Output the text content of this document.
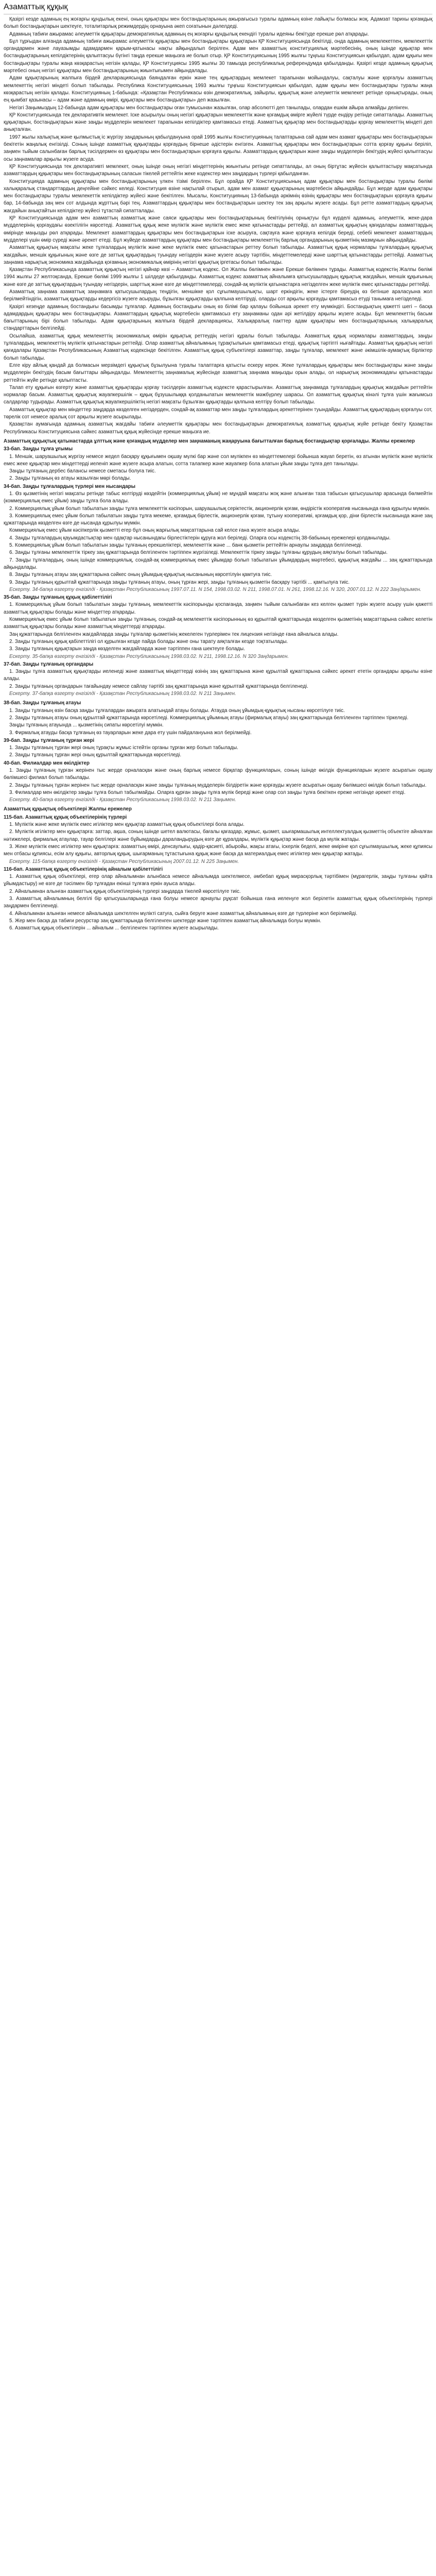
Азаматтық құқық

Қазіргі кезде адамның ең жоғарғы құндылық екені, оның құқықтары мен бостандықтарының ажырағысыз туралы адамның өзіне лайықты болмасы жоқ. Адамзат тарихы қоғамдық болып бостандықтарын шектеуге, тоталитарлық режимдердің орнауына әкеп соғатынын дәлелдеді.

Адамның табиғи ажырамас әлеуметтік құқықтары демократиялық адамның ең жоғарғы құндылық екендігі туралы идеяны бекітуде ерекше рөл атқарады.

Бұл тұрғыдан алғанда адамның табиғи ажырамас әлеуметтік құқықтары мен бостандықтары құқықтарын ҚР Конституциясында бекітілді, онда адамның мемлекетпен, мемлекеттік органдармен және лауазымды адамдармен қарым-қатынасы нақты айқындалып берілген. Адам мен азаматтың конституциялық мәртебесінің, оның ішінде құқықтар мен бостандықтарының кепілдіктерінің қалыптасуы бүгінгі таңда ерекше маңызға ие болып отыр. ҚР Конституциясының 1995 жылғы тұңғыш Конституциясын қабылдап, адам құқығы мен бостандықтары туралы жаңа көзқарастың негізін қалады, ҚР Конституциясы 1995 жылғы 30 тамызда республикалық референдумда қабылданды. Қазіргі кезде адамның құқықтық мәртебесі оның негізгі құқықтары мен бостандықтарының жиынтығымен айқындалады.

Адам құқықтарының жалпыға бірдей декларациясында баяндалған еркін және тең құқықтардың мемлекет тарапынан мойындалуы, сақталуы және қорғалуы азаматтың мемлекеттің негізгі міндеті болып табылады. Республика Конституциясының 1993 жылғы тұңғыш Конституциясын қабылдап, адам құқығы мен бостандықтары туралы жаңа көзқарастың негізін қалады. Конституцияның 1-бабында: «Қазақстан Республикасы өзін демократиялық, зайырлы, құқықтық және әлеуметтік мемлекет ретінде орнықтырады, оның ең қымбат қазынасы – адам және адамның өмірі, құқықтары мен бостандықтары» деп жазылған.

Негізгі Заңымыздың 12-бабында адам құқықтары мен бостандықтары оған тумысынан жазылған, олар абсолютті деп танылады, олардан ешкім айыра алмайды делінген.

ҚР Конституциясында тек декларативтік мемлекет. Іске асырылуы оның негізгі құқықтарын мемлекеттік және қоғамдық өмірге жүйелі түрде ендіру ретінде сипатталады. Азаматтың құқықтарын, бостандықтарын және заңды мүдделерін мемлекет тарапынан кепілдіктер қамтамасыз етеді. Азаматтық құқықтар мен бостандықтарды қорғау мемлекеттің міндеті деп анықталған.

1997 жылы халықтық және қылмыстық іс жүргізу заңдарының қабылдануына орай 1995 жылғы Конституцияның талаптарына сай адам мен азамат құқықтары мен бостандықтарын бекітетін жаңалық енгізілді. Соның ішінде азаматтық құқықтарды қорғаудың бірнеше әдістерін енгізген. Азаматтық құқықтары мен бостандықтарын сотта қорғау құқығы беріліп, заңмен тыйым салынбаған барлық тәсілдермен өз құқықтары мен бостандықтарын қорғауға құқылы. Азаматтардың құқықтарын және заңды мүдделерін бекітудің жүйесі қалыптасуы осы заңнамалар арқылы жүзеге асуда.

ҚР Конституциясында тек декларативті мемлекет, оның ішінде оның негізгі міндеттерінің жиынтығы ретінде сипатталады, ал оның біртұтас жүйесін қалыптастыру мақсатында азаматтардың құқықтары мен бостандықтарының саласын тікелей реттейтін жеке кодекстер мен заңдардың түрлері қабылданған.

Конституцияда адамның құқықтары мен бостандықтарының үлкен тізімі берілген. Бұл орайда ҚР Конституциясының адам құқықтары мен бостандықтары туралы бөлімі халықаралық стандарттардың деңгейіне сәйкес келеді. Конституция өзіне нақтылай отырып, адам мен азамат құқықтарының мәртебесін айқындайды. Бұл жерде адам құқықтары мен бостандықтары туралы мемлекеттік кепілдіктер жүйесі және бекітілген. Мысалы, Конституцияның 13-бабында әркімнің өзінің құқықтары мен бостандықтарын қорғауға құқығы бар, 14-бабында заң мен сот алдында жұрттың бәрі тең. Азаматтардың құқықтары мен бостандықтарын шектеу тек заң арқылы жүзеге асады. Бұл ретте азаматтардың құқықтық жағдайын анықтайтын кепілдіктер жүйесі тұтастай сипатталады.

ҚР Конституциясында адам мен азаматтың азаматтық және саяси құқықтары мен бостандықтарының бекітілуінің орнықтуы бұл күрделі адамның, әлеуметтік, жеке-дара мүдделерінің қорғаудағы өзектілігін көрсетеді. Азаматтық құқық жеке мүліктік және мүліктік емес жеке қатынастарды реттейді, ал азаматтық құқықтың қағидалары азаматтардың өмірінде маңызды рөл атқарады. Мемлекет азаматтардың құқықтары мен бостандықтарын іске асыруға, сақтауға және қорғауға кепілдік береді, себебі мемлекет азаматтардың мүдделері үшін өмір сүреді және әрекет етеді. Бұл жүйеде азаматтардың құқықтары мен бостандықтары мемлекеттің барлық органдарының қызметінің мазмұнын айқындайды.

Азаматтық құқықтың мақсаты жеке тұлғалардың мүліктік және жеке мүліктік емес қатынастарын реттеу болып табылады. Азаматтық құқық нормалары тұлғалардың құқықтық жағдайын, меншік құқығының және өзге де заттық құқықтардың туындау негіздерін және жүзеге асыру тәртібін, міндеттемелерді және шарттық қатынастарды реттейді. Азаматтық заңнама нарықтық экономика жағдайында қоғамның экономикалық өмірінің негізгі құқықтық іргетасы болып табылады.

Қазақстан Республикасында азаматтық құқықтың негізгі қайнар көзі – Азаматтық кодекс. Ол Жалпы бөлімнен және Ерекше бөлімнен тұрады. Азаматтық кодекстің Жалпы бөлімі 1994 жылғы 27 желтоқсанда, Ерекше бөлімі 1999 жылғы 1 шілдеде қабылданды. Азаматтық кодекс азаматтық айналымға қатысушылардың құқықтық жағдайын, меншік құқығының және өзге де заттық құқықтардың туындау негіздерін, шарттық және өзге де міндеттемелерді, сондай-ақ мүліктік қатынастарға негізделген жеке мүліктік емес қатынастарды реттейді.

Азаматтық заңнама азаматтық заңнамаға қатысушылардың теңдігін, меншікке қол сұғылмаушылықты, шарт еркіндігін, жеке істерге біреудің өз бетінше араласуына жол берілмейтіндігін, азаматтық құқықтарды кедергісіз жүзеге асыруды, бұзылған құқықтарды қалпына келтіруді, оларды сот арқылы қорғауды қамтамасыз етуді танымаға негізделеді.

Қазіргі кезеңде адамның бостандығы басымды тұлғалар. Адамның бостандығы оның өз білімі бар қалауы бойынша әрекет ету мүмкіндігі. Бостандықтың қажетті шегі – басқа адамдардың құқықтары мен бостандықтары. Азаматтардың құқықтық мәртебесін қамтамасыз ету заңнаманы одан әрі жетілдіру арқылы жүзеге асады. Бұл мемлекеттің басым бағыттарының бірі болып табылады. Адам құқықтарының жалпыға бірдей декларациясы, Халықаралық пакттер адам құқықтары мен бостандықтарының халықаралық стандарттарын белгілейді.

Осылайша, азаматтық құқық мемлекеттің экономикалық өмірін құқықтық реттеудің негізгі құралы болып табылады. Азаматтық құқық нормалары азаматтардың, заңды тұлғалардың, мемлекеттің мүліктік қатынастарын реттейді. Олар азаматтық айналымның тұрақтылығын қамтамасыз етеді, құқықтық тәртіпті нығайтады. Азаматтық құқықтың негізгі қағидалары Қазақстан Республикасының Азаматтық кодексінде бекітілген. Азаматтық құқық субъектілері азаматтар, заңды тұлғалар, мемлекет және әкімшілік-аумақтық бірліктер болып табылады.

Елге кіру айлық қандай да болмасын мерзімдегі құқықтық бұзылуына туралы талаптарға қатысты ескеру керек. Жеке тұлғалардың құқықтары мен бостандықтары және заңды мүдделерін бекітудің басым бағыттары айқындалды. Мемлекеттің заңнамалық жүйесінде азаматтық заңнама маңызды орын алады, ол нарықтық экономикадағы қатынастарды реттейтін жүйе ретінде қалыптасты.

Талап ету құқығын өзгерту және азаматтық құқықтарды қорғау тәсілдерін азаматтық кодексте қарастырылған. Азаматтық заңнамада тұлғалардың құқықтық жағдайын реттейтін нормалар басым. Азаматтық құқықтық жауапкершілік – құқық бұзушылыққа қолданылатын мемлекеттік мәжбүрлеу шарасы. Ол азаматтық құқықтық кінәлі тұлға үшін жағымсыз салдарлар тудырады. Азаматтық құқықтық жауапкершіліктің негізгі мақсаты бұзылған құқықтарды қалпына келтіру болып табылады.

Азаматтық құқықтар мен міндеттер заңдарда көзделген негіздерден, сондай-ақ азаматтар мен заңды тұлғалардың әрекеттерінен туындайды. Азаматтық құқықтардың қорғалуы сот, төрелік сот немесе аралық сот арқылы жүзеге асырылады.

Қазақстан аумағында адамның азаматтық жағдайы табиғи әлеуметтік құқықтары мен бостандықтарын демократиялық азаматтық құқықтық жүйе ретінде бекіту Қазақстан Республикасы Конституциясына сәйкес азаматтық құқық жүйесінде ерекше маңызға ие.

Азаматтық құқықтық қатынастарда ұлттық және қоғамдық мүдделер мен заңнаманың жаңаруына бағытталған барлық бостандықтар қорғалады. Жалпы ережелер
33-бап. Заңды тұлға ұғымы

1. Меншік, шаруашылық жүргізу немесе жедел басқару құқығымен оқшау мүлкі бар және сол мүлікпен өз міндеттемелері бойынша жауап беретін, өз атынан мүліктік және мүліктік емес жеке құқықтар мен міндеттерді иеленіп және жүзеге асыра алатын, сотта талапкер және жауапкер бола алатын ұйым заңды тұлға деп танылады.

Заңды тұлғаның дербес балансы немесе сметасы болуға тиіс.

2. Заңды тұлғаның өз атауы жазылған мөрі болады.

34-бап. Заңды тұлғалардың түрлері мен нысандары

1. Өз қызметінің негізгі мақсаты ретінде табыс келтіруді көздейтін (коммерциялық ұйым) не мұндай мақсаты жоқ және алынған таза табысын қатысушылар арасында бөлмейтін (коммерциялық емес ұйым) заңды тұлға бола алады.

2. Коммерциялық ұйым болып табылатын заңды тұлға мемлекеттік кәсіпорын, шаруашылық серіктестік, акционерлік қоғам, өндірістік кооператив нысанында ғана құрылуы мүмкін.

3. Коммерциялық емес ұйым болып табылатын заңды тұлға мекеме, қоғамдық бірлестік, акционерлік қоғам, тұтыну кооперативі, қоғамдық қор, діни бірлестік нысанында және заң құжаттарында көзделген өзге де нысанда құрылуы мүмкін.

Коммерциялық емес ұйым кәсіпкерлік қызметті егер бұл оның жарғылық мақсаттарына сай келсе ғана жүзеге асыра алады.

4. Заңды тұлғалардың қауымдастықтар мен одақтар нысанындағы бірлестіктерін құруға жол беріледі. Оларға осы кодекстің 38-бабының ережелері қолданылады.

5. Коммерциялық ұйым болып табылатын заңды тұлғаның ерекшеліктері, мемлекеттік және ... банк қызметін реттейтін арнаулы заңдарда белгіленеді.

6. Заңды тұлғаны мемлекеттік тіркеу заң құжаттарында белгіленген тәртіппен жүргізіледі. Мемлекеттік тіркеу заңды тұлғаны құрудың аяқталуы болып табылады.

7. Заңды тұлғалардың, оның ішінде коммерциялық, сондай-ақ коммерциялық емес ұйымдар болып табылатын ұйымдардың мәртебесі, құқықтық жағдайы ... заң құжаттарында айқындалады.

8. Заңды тұлғаның атауы заң құжаттарына сәйкес оның ұйымдық-құқықтық нысанының көрсетілуін қамтуға тиіс.

9. Заңды тұлғаның құрылтай құжаттарында заңды тұлғаның атауы, оның тұрған жері, заңды тұлғаның қызметін басқару тәртібі ... қамтылуға тиіс.

Ескерту. 34-бапқа өзгерту енгізілді - Қазақстан Республикасының 1997.07.11. N 154, 1998.03.02. N 211, 1998.07.01. N 261, 1998.12.16. N 320, 2007.01.12. N 222 Заңдарымен.

35-бап. Заңды тұлғаның құқық қабілеттілігі

1. Коммерциялық ұйым болып табылатын заңды тұлғаның, мемлекеттік кәсіпорынды қоспағанда, заңмен тыйым салынбаған кез келген қызмет түрін жүзеге асыру үшін қажетті азаматтық құқықтары болады және міндеттер атқарады.

Коммерциялық емес ұйым болып табылатын заңды тұлғаның, сондай-ақ мемлекеттік кәсіпорынның өз құрылтай құжаттарында көзделген қызметінің мақсаттарына сәйкес келетін азаматтық құқықтары болады және азаматтық міндеттерді атқарады.

Заң құжаттарында белгіленген жағдайларда заңды тұлғалар қызметінің жекелеген түрлерімен тек лицензия негізінде ғана айналыса алады.

2. Заңды тұлғаның құқық қабілеттілігі ол құрылған кезде пайда болады және оны тарату аяқталған кезде тоқтатылады.

3. Заңды тұлғаның құқықтарын заңда көзделген жағдайларда және тәртіппен ғана шектеуге болады.

Ескерту. 35-бапқа өзгерту енгізілді - Қазақстан Республикасының 1998.03.02. N 211, 1998.12.16. N 320 Заңдарымен.

37-бап. Заңды тұлғаның органдары

1. Заңды тұлға азаматтық құқықтарды иеленеді және азаматтық міндеттерді өзінің заң құжаттарына және құрылтай құжаттарына сәйкес әрекет ететін органдары арқылы өзіне алады.

2. Заңды тұлғаның органдарын тағайындау немесе сайлау тәртібі заң құжаттарында және құрылтай құжаттарында белгіленеді.

Ескерту. 37-бапқа өзгерту енгізілді - Қазақстан Республикасының 1998.03.02. N 211 Заңымен.

38-бап. Заңды тұлғаның атауы

1. Заңды тұлғаның өзін басқа заңды тұлғалардан ажырата алатындай атауы болады. Атауда оның ұйымдық-құқықтық нысаны көрсетілуге тиіс.

2. Заңды тұлғаның атауы оның құрылтай құжаттарында көрсетіледі. Коммерциялық ұйымның атауы (фирмалық атауы) заң құжаттарында белгіленген тәртіппен тіркеледі.

Заңды тұлғаның атауында ... қызметінің сипаты көрсетілуі мүмкін.

3. Фирмалық атауды басқа тұлғаның өз тауарларын жеке дара ету үшін пайдалануына жол берілмейді.

39-бап. Заңды тұлғаның тұрған жері

1. Заңды тұлғаның тұрған жері оның тұрақты жұмыс істейтін органы тұрған жер болып табылады.

2. Заңды тұлғаның тұрған жері оның құрылтай құжаттарында көрсетіледі.

40-бап. Филиалдар мен өкілдіктер

1. Заңды тұлғаның тұрған жерінен тыс жерде орналасқан және оның барлық немесе бірқатар функцияларын, соның ішінде өкілдік функцияларын жүзеге асыратын оқшау бөлімшесі филиал болып табылады.

2. Заңды тұлғаның тұрған жерінен тыс жерде орналасқан және заңды тұлғаның мүдделерін білдіретін және қорғауды жүзеге асыратын оқшау бөлімшесі өкілдік болып табылады.

3. Филиалдар мен өкілдіктер заңды тұлға болып табылмайды. Оларға құрған заңды тұлға мүлік береді және олар сол заңды тұлға бекіткен ереже негізінде әрекет етеді.

Ескерту. 40-бапқа өзгерту енгізілді - Қазақстан Республикасының 1998.03.02. N 211 Заңымен.

Азаматтық құқықтық объектілері Жалпы ережелер
115-бап. Азаматтық құқық объектілерінің түрлері

1. Мүліктік және жеке мүліктік емес игіліктер мен құқықтар азаматтық құқық объектілері бола алады.

2. Мүліктік игіліктер мен құқықтарға: заттар, ақша, соның ішінде шетел валютасы, бағалы қағаздар, жұмыс, қызмет, шығармашылық интеллектуалдық қызметтің объектіге айналған нәтижелері, фирмалық атаулар, тауар белгілері және бұйымдарды дараландырудың өзге де құралдары, мүліктік құқықтар және басқа да мүлік жатады.

3. Жеке мүліктік емес игіліктер мен құқықтарға: азаматтың өмірі, денсаулығы, қадір-қасиеті, абыройы, жақсы атағы, іскерлік беделі, жеке өміріне қол сұғылмаушылық, жеке құпиясы мен отбасы құпиясы, есім алу құқығы, авторлық құқық, шығарманың тұтастығына құқық және басқа да материалдық емес игіліктер мен құқықтар жатады.

Ескерту. 115-бапқа өзгерту енгізілді - Қазақстан Республикасының 2007.01.12. N 225 Заңымен.

116-бап. Азаматтық құқық объектілерінің айналым қабілеттілігі

1. Азаматтық құқық объектілері, егер олар айналымнан алынбаса немесе айналымда шектелмесе, әмбебап құқық мирасқорлық тәртібімен (мұрагерлік, заңды тұлғаны қайта ұйымдастыру) не өзге де тәсілмен бір тұлғадан екінші тұлғаға еркін ауыса алады.

2. Айналымнан алынған азаматтық құқық объектілерінің түрлері заңдарда тікелей көрсетілуге тиіс.

3. Азаматтық айналымның белгілі бір қатысушыларында ғана болуы немесе арнаулы рұқсат бойынша ғана иеленуге жол берілетін азаматтық құқық объектілерінің түрлері заңдармен белгіленеді.

4. Айналымнан алынған немесе айналымда шектелген мүлікті сатуға, сыйға беруге және азаматтық айналымның өзге де түрлеріне жол берілмейді.

5. Жер мен басқа да табиғи ресурстар заң құжаттарында белгіленген шектерде және тәртіппен азаматтық айналымда болуы мүмкін.

6. Азаматтық құқық объектілерін ... айналым ... белгіленген тәртіппен жүзеге асырылады.
